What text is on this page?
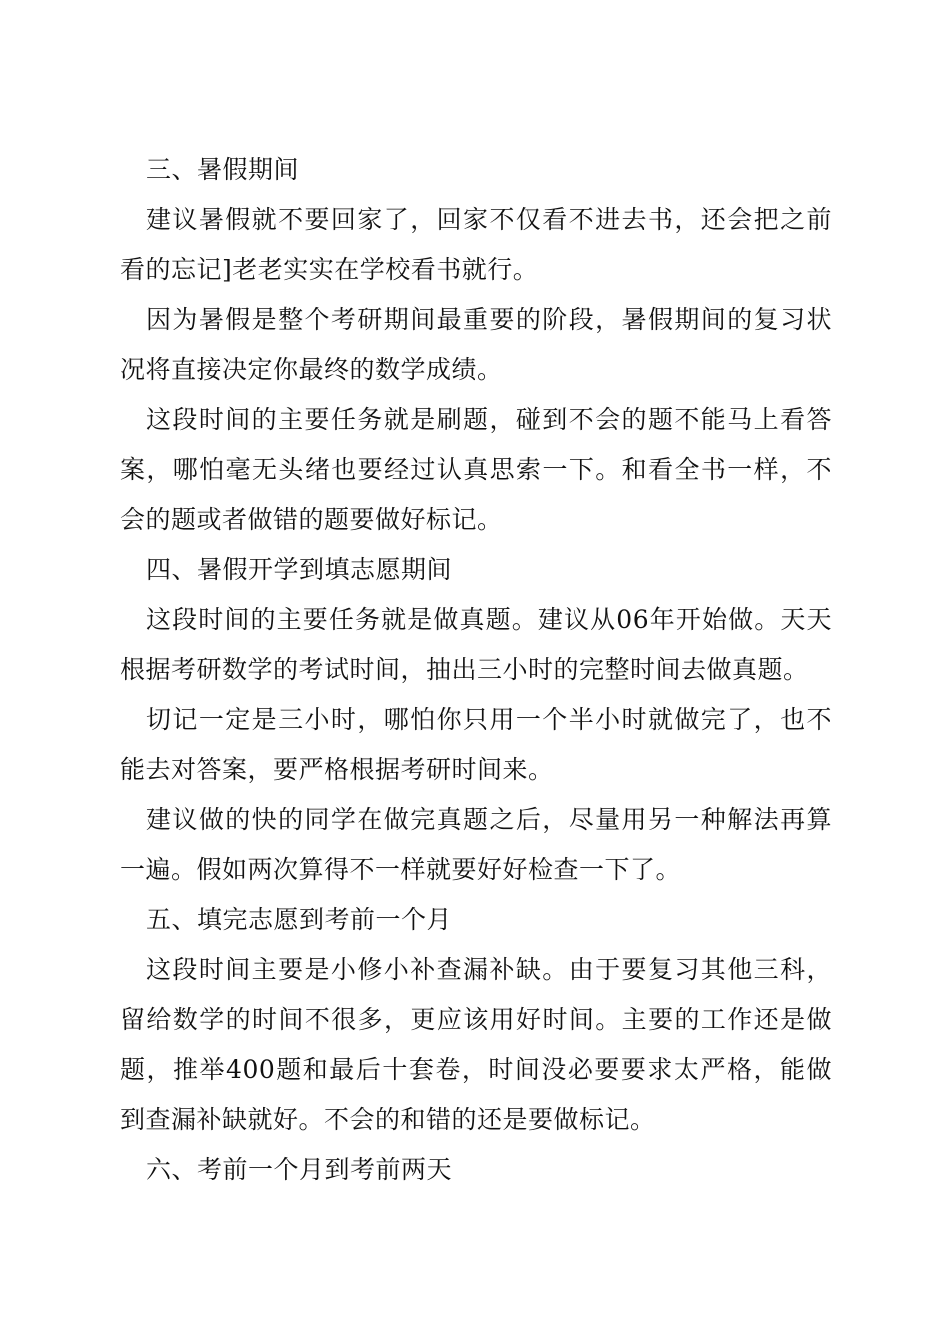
三、暑假期间

建议暑假就不要回家了，回家不仅看不进去书，还会把之前看的忘记]老老实实在学校看书就行。

因为暑假是整个考研期间最重要的阶段，暑假期间的复习状况将直接决定你最终的数学成绩。

这段时间的主要任务就是刷题，碰到不会的题不能马上看答案，哪怕毫无头绪也要经过认真思索一下。和看全书一样，不会的题或者做错的题要做好标记。

四、暑假开学到填志愿期间

这段时间的主要任务就是做真题。建议从06年开始做。天天根据考研数学的考试时间，抽出三小时的完整时间去做真题。

切记一定是三小时，哪怕你只用一个半小时就做完了，也不能去对答案，要严格根据考研时间来。

建议做的快的同学在做完真题之后，尽量用另一种解法再算一遍。假如两次算得不一样就要好好检查一下了。

五、填完志愿到考前一个月

这段时间主要是小修小补查漏补缺。由于要复习其他三科，留给数学的时间不很多，更应该用好时间。主要的工作还是做题，推举400题和最后十套卷，时间没必要要求太严格，能做到查漏补缺就好。不会的和错的还是要做标记。

六、考前一个月到考前两天
